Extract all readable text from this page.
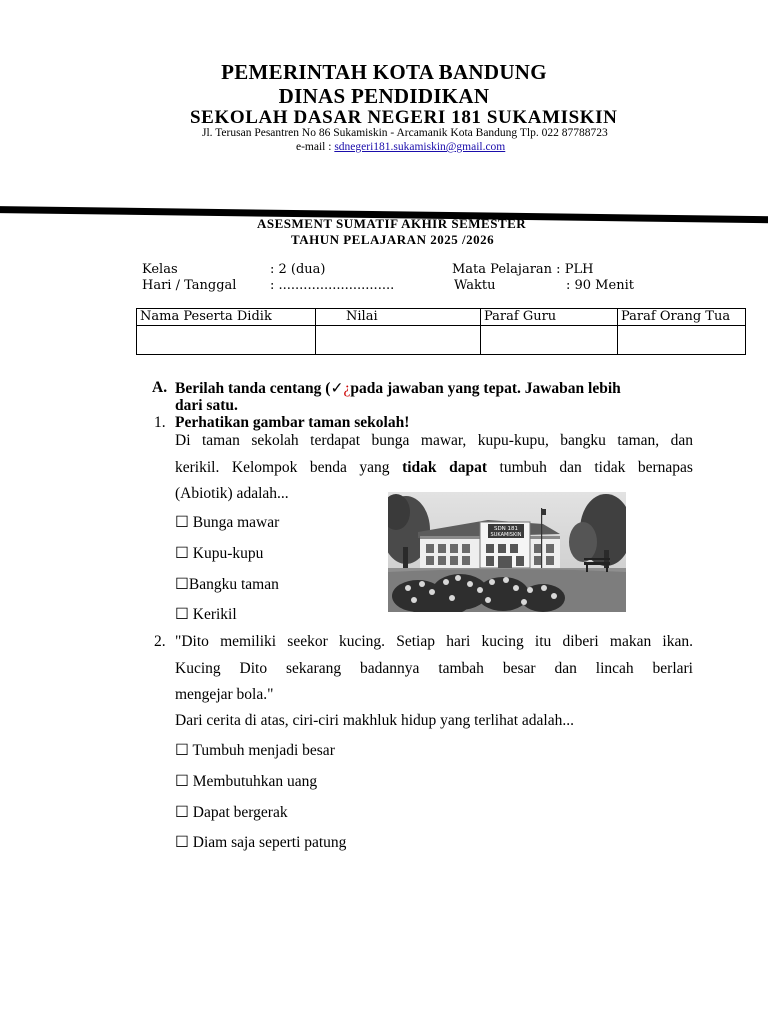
PEMERINTAH KOTA BANDUNG
DINAS PENDIDIKAN
SEKOLAH DASAR NEGERI 181 SUKAMISKIN
Jl. Terusan Pesantren No 86 Sukamiskin - Arcamanik Kota Bandung Tlp. 022 87788723
e-mail : sdnegeri181.sukamiskin@gmail.com
ASESMENT SUMATIF AKHIR SEMESTER
TAHUN PELAJARAN 2025 /2026
Kelas	: 2 (dua)	Mata Pelajaran : PLH
Hari / Tanggal	: ............................	Waktu	: 90 Menit
Nama Peserta Didik	Nilai	Paraf Guru	Paraf Orang Tua

A. Berilah tanda centang (✓¿pada jawaban yang tepat. Jawaban lebih
dari satu.
1. Perhatikan gambar taman sekolah!
Di taman sekolah terdapat bunga mawar, kupu-kupu, bangku taman, dan
kerikil. Kelompok benda yang tidak dapat tumbuh dan tidak bernapas
(Abiotik) adalah...
☐ Bunga mawar
☐ Kupu-kupu
☐Bangku taman
☐ Kerikil
SDN 181
SUKAMISKIN
2. "Dito memiliki seekor kucing. Setiap hari kucing itu diberi makan ikan.
Kucing Dito sekarang badannya tambah besar dan lincah berlari
mengejar bola."
Dari cerita di atas, ciri-ciri makhluk hidup yang terlihat adalah...
☐ Tumbuh menjadi besar
☐ Membutuhkan uang
☐ Dapat bergerak
☐ Diam saja seperti patung
